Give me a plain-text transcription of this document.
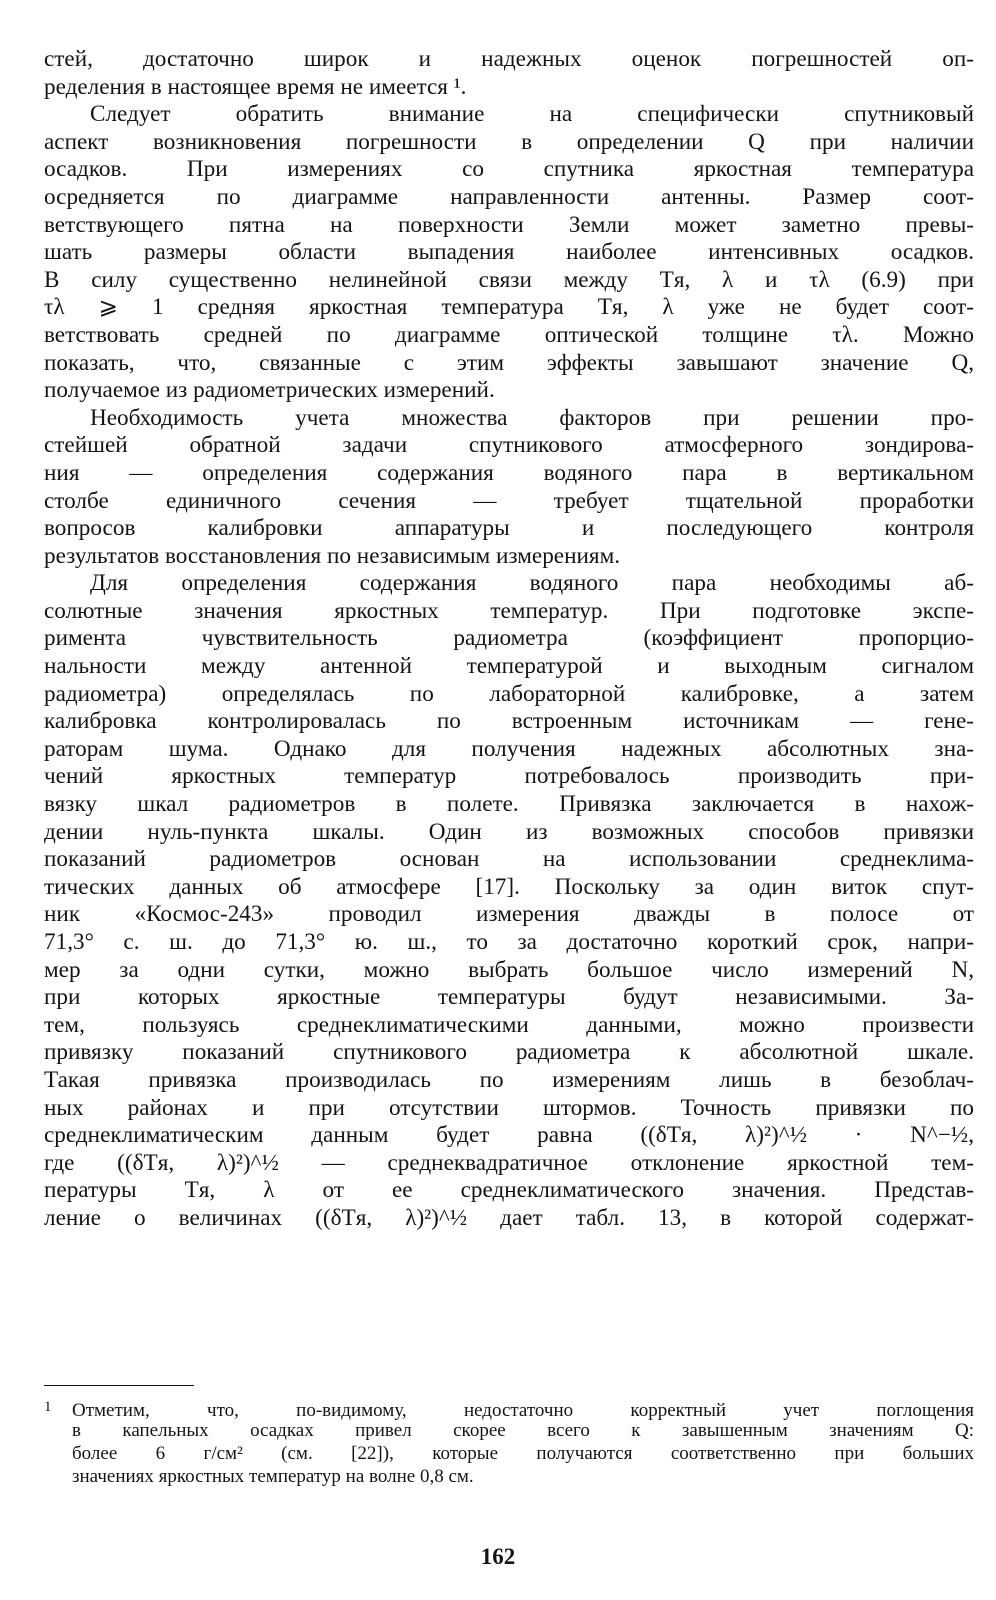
стей, достаточно широк и надежных оценок погрешностей оп-
ределения в настоящее время не имеется ¹.
Следует обратить внимание на специфически спутниковый
аспект возникновения погрешности в определении Q при наличии
осадков. При измерениях со спутника яркостная температура
осредняется по диаграмме направленности антенны. Размер соот-
ветствующего пятна на поверхности Земли может заметно превы-
шать размеры области выпадения наиболее интенсивных осадков.
В силу существенно нелинейной связи между Tя, λ и τλ (6.9) при
τλ ⩾ 1 средняя яркостная температура Tя, λ уже не будет соот-
ветствовать средней по диаграмме оптической толщине τλ. Можно
показать, что, связанные с этим эффекты завышают значение Q,
получаемое из радиометрических измерений.
Необходимость учета множества факторов при решении про-
стейшей обратной задачи спутникового атмосферного зондирова-
ния — определения содержания водяного пара в вертикальном
столбе единичного сечения — требует тщательной проработки
вопросов калибровки аппаратуры и последующего контроля
результатов восстановления по независимым измерениям.
Для определения содержания водяного пара необходимы аб-
солютные значения яркостных температур. При подготовке экспе-
римента чувствительность радиометра (коэффициент пропорцио-
нальности между антенной температурой и выходным сигналом
радиометра) определялась по лабораторной калибровке, а затем
калибровка контролировалась по встроенным источникам — гене-
раторам шума. Однако для получения надежных абсолютных зна-
чений яркостных температур потребовалось производить при-
вязку шкал радиометров в полете. Привязка заключается в нахож-
дении нуль-пункта шкалы. Один из возможных способов привязки
показаний радиометров основан на использовании среднеклима-
тических данных об атмосфере [17]. Поскольку за один виток спут-
ник «Космос-243» проводил измерения дважды в полосе от
71,3° с. ш. до 71,3° ю. ш., то за достаточно короткий срок, напри-
мер за одни сутки, можно выбрать большое число измерений N,
при которых яркостные температуры будут независимыми. За-
тем, пользуясь среднеклиматическими данными, можно произвести
привязку показаний спутникового радиометра к абсолютной шкале.
Такая привязка производилась по измерениям лишь в безоблач-
ных районах и при отсутствии штормов. Точность привязки по
среднеклиматическим данным будет равна ((δTя, λ)²)^½ · N^−½,
где ((δTя, λ)²)^½ — среднеквадратичное отклонение яркостной тем-
пературы Tя, λ от ее среднеклиматического значения. Представ-
ление о величинах ((δTя, λ)²)^½ дает табл. 13, в которой содержат-
1 Отметим, что, по-видимому, недостаточно корректный учет поглощения
в капельных осадках привел скорее всего к завышенным значениям Q:
более 6 г/см² (см. [22]), которые получаются соответственно при больших
значениях яркостных температур на волне 0,8 см.
162
